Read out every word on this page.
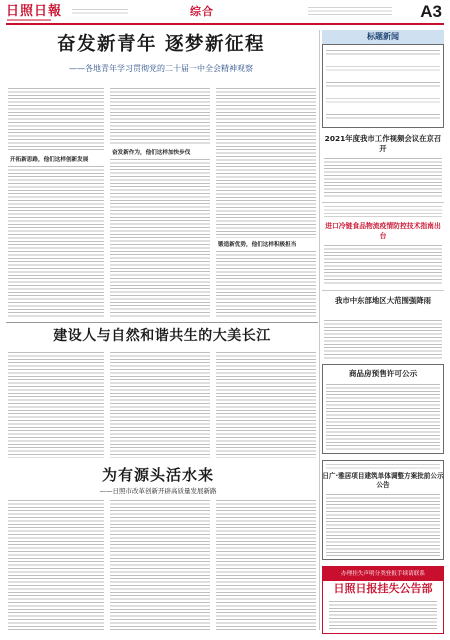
日照日報	综合	A3
奋发新青年 逐梦新征程
——各地青年学习贯彻党的二十届一中全会精神观察
开拓新思路，他们这样创新发展
奋发新作为，他们这样加快步伐
锻造新优势，他们这样积极担当
建设人与自然和谐共生的大美长江
为有源头活水来
——日照市改革创新开辟高质量发展新路
标题新闻
2021年度我市工作视频会议在京召开
进口冷链食品物流疫情防控技术指南出台
我市中东部地区大范围强降雨
商品房预售许可公示
日广·雅居项目建筑单体调整方案批前公示公告
办理挂失声明分类登报手续请联系
日照日报挂失公告部
